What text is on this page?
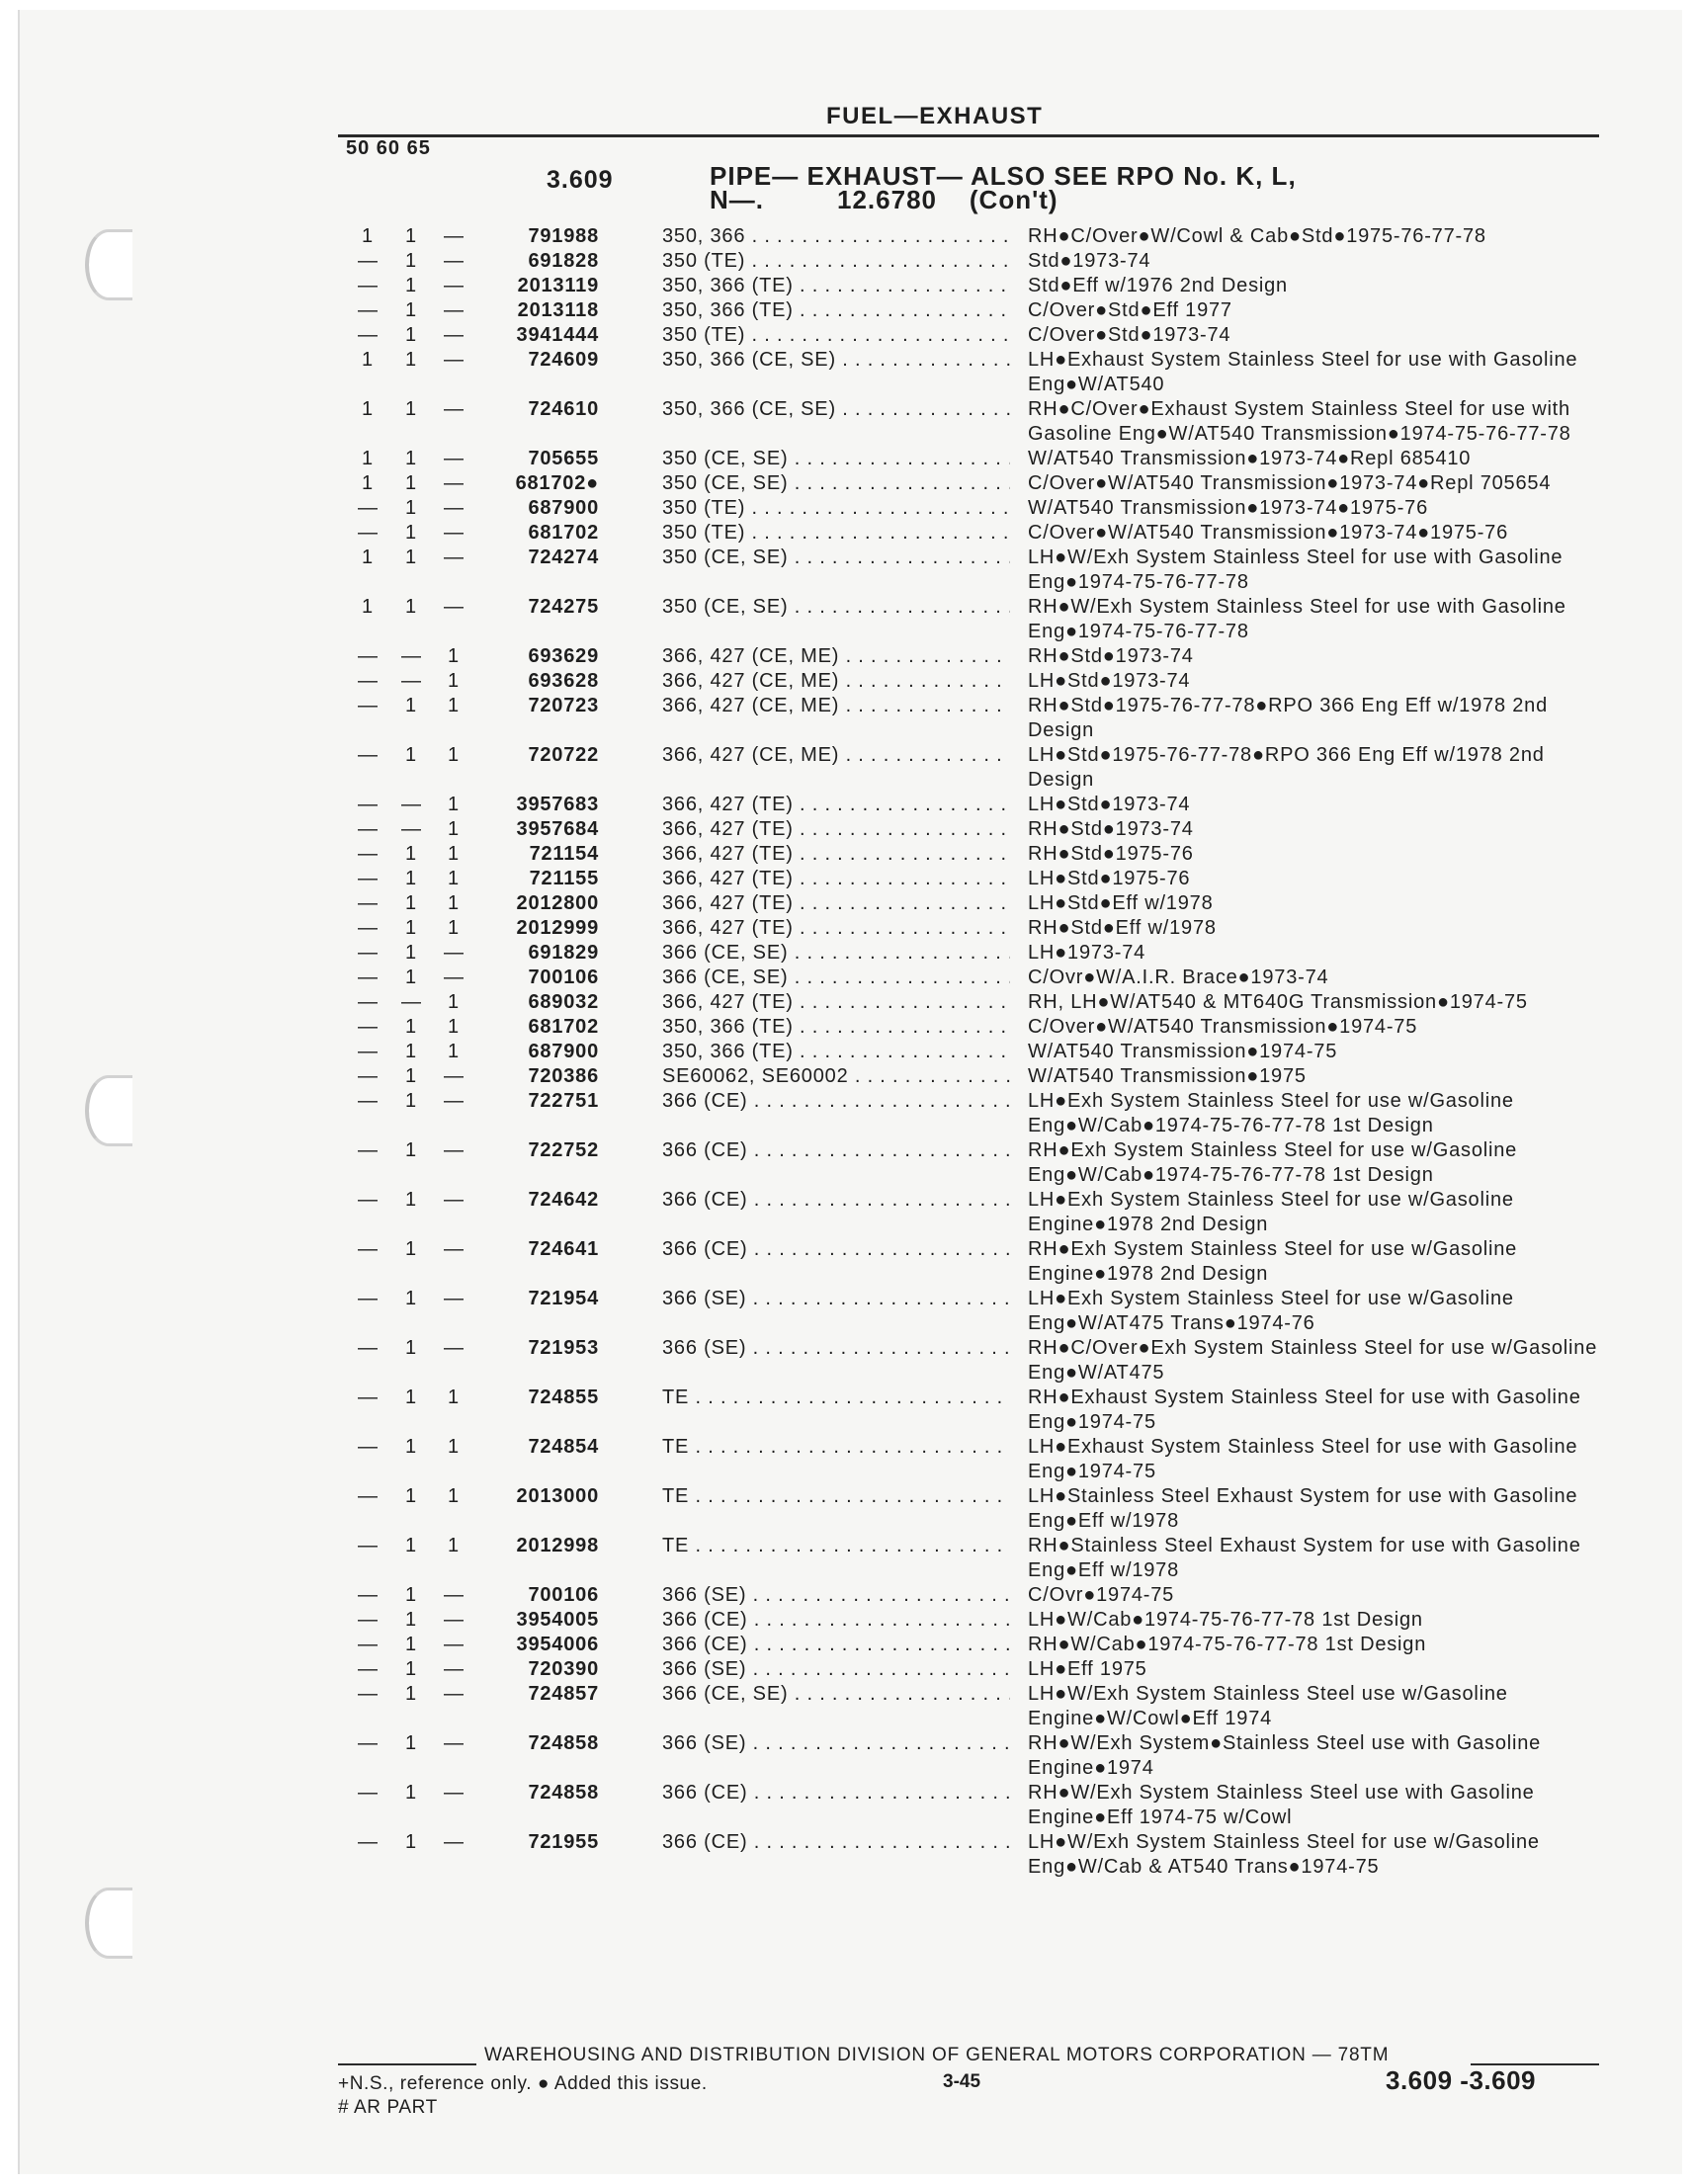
FUEL—EXHAUST
50 60 65
3.609	PIPE— EXHAUST— ALSO SEE RPO No. K, L,
N—.         12.6780    (Con't)
1 1 —	791988	350, 366 . . .	RH●C/Over●W/Cowl & Cab●Std●1975-76-77-78
— 1 —	691828	350 (TE) . . .	Std●1973-74
— 1 —	2013119	350, 366 (TE) . . .	Std●Eff w/1976 2nd Design
— 1 —	2013118	350, 366 (TE) . . .	C/Over●Std●Eff 1977
— 1 —	3941444	350 (TE) . . .	C/Over●Std●1973-74
1 1 —	724609	350, 366 (CE, SE) . . .	LH●Exhaust System Stainless Steel for use with Gasoline Eng●W/AT540
1 1 —	724610	350, 366 (CE, SE) . . .	RH●C/Over●Exhaust System Stainless Steel for use with Gasoline Eng●W/AT540 Transmission●1974-75-76-77-78
1 1 —	705655	350 (CE, SE) . . .	W/AT540 Transmission●1973-74●Repl 685410
1 1 —	681702●	350 (CE, SE) . . .	C/Over●W/AT540 Transmission●1973-74●Repl 705654
— 1 —	687900	350 (TE) . . .	W/AT540 Transmission●1973-74●1975-76
— 1 —	681702	350 (TE) . . .	C/Over●W/AT540 Transmission●1973-74●1975-76
1 1 —	724274	350 (CE, SE) . . .	LH●W/Exh System Stainless Steel for use with Gasoline Eng●1974-75-76-77-78
1 1 —	724275	350 (CE, SE) . . .	RH●W/Exh System Stainless Steel for use with Gasoline Eng●1974-75-76-77-78
— — 1	693629	366, 427 (CE, ME) . . .	RH●Std●1973-74
— — 1	693628	366, 427 (CE, ME) . . .	LH●Std●1973-74
— 1 1	720723	366, 427 (CE, ME) . . .	RH●Std●1975-76-77-78●RPO 366 Eng Eff w/1978 2nd Design
— 1 1	720722	366, 427 (CE, ME) . . .	LH●Std●1975-76-77-78●RPO 366 Eng Eff w/1978 2nd Design
— — 1	3957683	366, 427 (TE) . . .	LH●Std●1973-74
— — 1	3957684	366, 427 (TE) . . .	RH●Std●1973-74
— 1 1	721154	366, 427 (TE) . . .	RH●Std●1975-76
— 1 1	721155	366, 427 (TE) . . .	LH●Std●1975-76
— 1 1	2012800	366, 427 (TE) . . .	LH●Std●Eff w/1978
— 1 1	2012999	366, 427 (TE) . . .	RH●Std●Eff w/1978
— 1 —	691829	366 (CE, SE) . . .	LH●1973-74
— 1 —	700106	366 (CE, SE) . . .	C/Ovr●W/A.I.R. Brace●1973-74
— — 1	689032	366, 427 (TE) . . .	RH, LH●W/AT540 & MT640G Transmission●1974-75
— 1 1	681702	350, 366 (TE) . . .	C/Over●W/AT540 Transmission●1974-75
— 1 1	687900	350, 366 (TE) . . .	W/AT540 Transmission●1974-75
— 1 —	720386	SE60062, SE60002 . . .	W/AT540 Transmission●1975
— 1 —	722751	366 (CE) . . .	LH●Exh System Stainless Steel for use w/Gasoline Eng●W/Cab●1974-75-76-77-78 1st Design
— 1 —	722752	366 (CE) . . .	RH●Exh System Stainless Steel for use w/Gasoline Eng●W/Cab●1974-75-76-77-78 1st Design
— 1 —	724642	366 (CE) . . .	LH●Exh System Stainless Steel for use w/Gasoline Engine●1978 2nd Design
— 1 —	724641	366 (CE) . . .	RH●Exh System Stainless Steel for use w/Gasoline Engine●1978 2nd Design
— 1 —	721954	366 (SE) . . .	LH●Exh System Stainless Steel for use w/Gasoline Eng●W/AT475 Trans●1974-76
— 1 —	721953	366 (SE) . . .	RH●C/Over●Exh System Stainless Steel for use w/Gasoline Eng●W/AT475
— 1 1	724855	TE . . .	RH●Exhaust System Stainless Steel for use with Gasoline Eng●1974-75
— 1 1	724854	TE . . .	LH●Exhaust System Stainless Steel for use with Gasoline Eng●1974-75
— 1 1	2013000	TE . . .	LH●Stainless Steel Exhaust System for use with Gasoline Eng●Eff w/1978
— 1 1	2012998	TE . . .	RH●Stainless Steel Exhaust System for use with Gasoline Eng●Eff w/1978
— 1 —	700106	366 (SE) . . .	C/Ovr●1974-75
— 1 —	3954005	366 (CE) . . .	LH●W/Cab●1974-75-76-77-78 1st Design
— 1 —	3954006	366 (CE) . . .	RH●W/Cab●1974-75-76-77-78 1st Design
— 1 —	720390	366 (SE) . . .	LH●Eff 1975
— 1 —	724857	366 (CE, SE) . . .	LH●W/Exh System Stainless Steel use w/Gasoline Engine●W/Cowl●Eff 1974
— 1 —	724858	366 (SE) . . .	RH●W/Exh System●Stainless Steel use with Gasoline Engine●1974
— 1 —	724858	366 (CE) . . .	RH●W/Exh System Stainless Steel use with Gasoline Engine●Eff 1974-75 w/Cowl
— 1 —	721955	366 (CE) . . .	LH●W/Exh System Stainless Steel for use w/Gasoline Eng●W/Cab & AT540 Trans●1974-75
WAREHOUSING AND DISTRIBUTION DIVISION OF GENERAL MOTORS CORPORATION — 78TM
+N.S., reference only. ● Added this issue.
# AR PART
3-45	3.609 -3.609
